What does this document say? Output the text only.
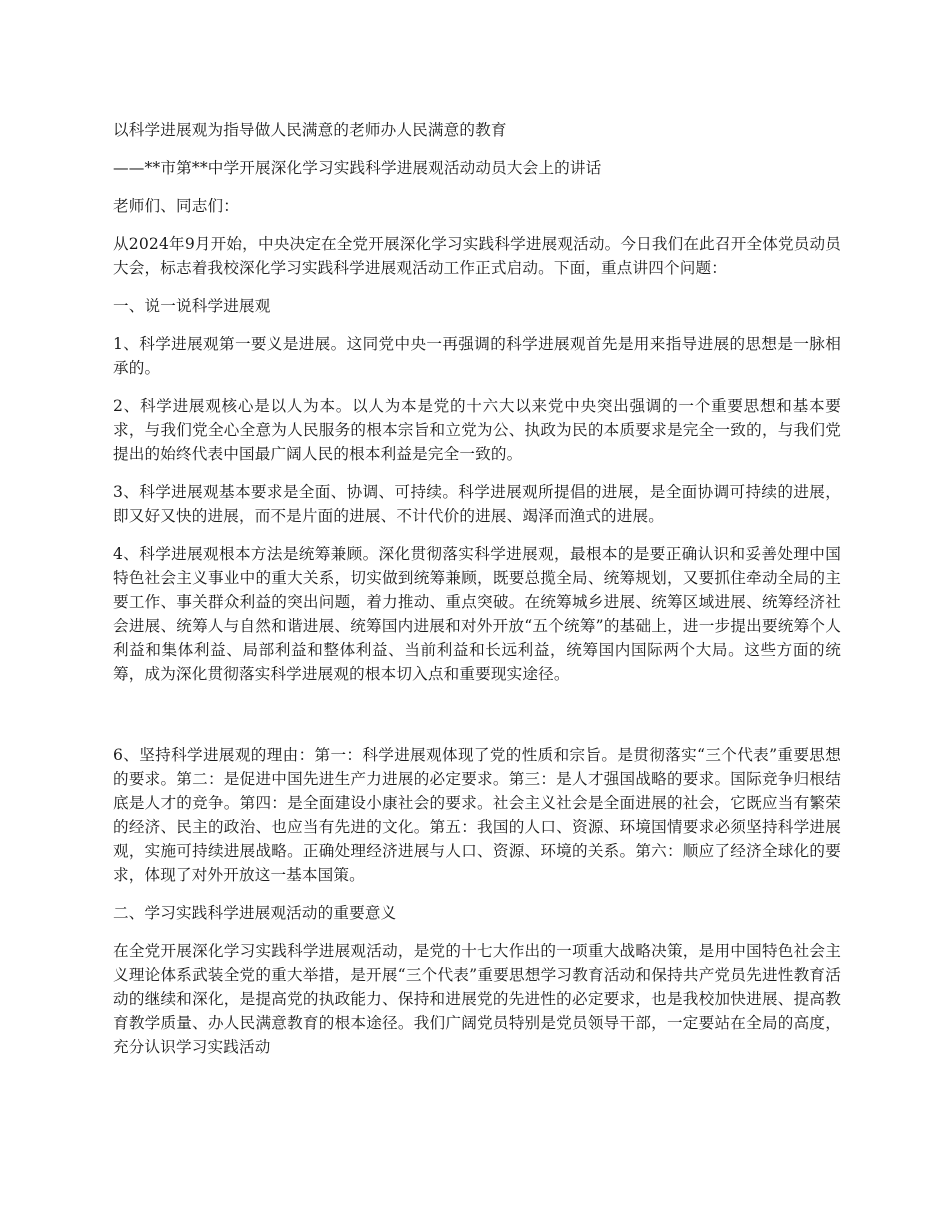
以科学进展观为指导做人民满意的老师办人民满意的教育

——**市第**中学开展深化学习实践科学进展观活动动员大会上的讲话

老师们、同志们：

从2024年9月开始，中央决定在全党开展深化学习实践科学进展观活动。今日我们在此召开全体党员动员大会，标志着我校深化学习实践科学进展观活动工作正式启动。下面，重点讲四个问题：

一、说一说科学进展观

1、科学进展观第一要义是进展。这同党中央一再强调的科学进展观首先是用来指导进展的思想是一脉相承的。

2、科学进展观核心是以人为本。以人为本是党的十六大以来党中央突出强调的一个重要思想和基本要求，与我们党全心全意为人民服务的根本宗旨和立党为公、执政为民的本质要求是完全一致的，与我们党提出的始终代表中国最广阔人民的根本利益是完全一致的。

3、科学进展观基本要求是全面、协调、可持续。科学进展观所提倡的进展，是全面协调可持续的进展，即又好又快的进展，而不是片面的进展、不计代价的进展、竭泽而渔式的进展。

4、科学进展观根本方法是统筹兼顾。深化贯彻落实科学进展观，最根本的是要正确认识和妥善处理中国特色社会主义事业中的重大关系，切实做到统筹兼顾，既要总揽全局、统筹规划，又要抓住牵动全局的主要工作、事关群众利益的突出问题，着力推动、重点突破。在统筹城乡进展、统筹区域进展、统筹经济社会进展、统筹人与自然和谐进展、统筹国内进展和对外开放“五个统筹”的基础上，进一步提出要统筹个人利益和集体利益、局部利益和整体利益、当前利益和长远利益，统筹国内国际两个大局。这些方面的统筹，成为深化贯彻落实科学进展观的根本切入点和重要现实途径。

6、坚持科学进展观的理由：第一：科学进展观体现了党的性质和宗旨。是贯彻落实“三个代表”重要思想的要求。第二：是促进中国先进生产力进展的必定要求。第三：是人才强国战略的要求。国际竞争归根结底是人才的竞争。第四：是全面建设小康社会的要求。社会主义社会是全面进展的社会，它既应当有繁荣的经济、民主的政治、也应当有先进的文化。第五：我国的人口、资源、环境国情要求必须坚持科学进展观，实施可持续进展战略。正确处理经济进展与人口、资源、环境的关系。第六：顺应了经济全球化的要求，体现了对外开放这一基本国策。

二、学习实践科学进展观活动的重要意义

在全党开展深化学习实践科学进展观活动，是党的十七大作出的一项重大战略决策，是用中国特色社会主义理论体系武装全党的重大举措，是开展“三个代表”重要思想学习教育活动和保持共产党员先进性教育活动的继续和深化，是提高党的执政能力、保持和进展党的先进性的必定要求，也是我校加快进展、提高教育教学质量、办人民满意教育的根本途径。我们广阔党员特别是党员领导干部，一定要站在全局的高度，充分认识学习实践活动
